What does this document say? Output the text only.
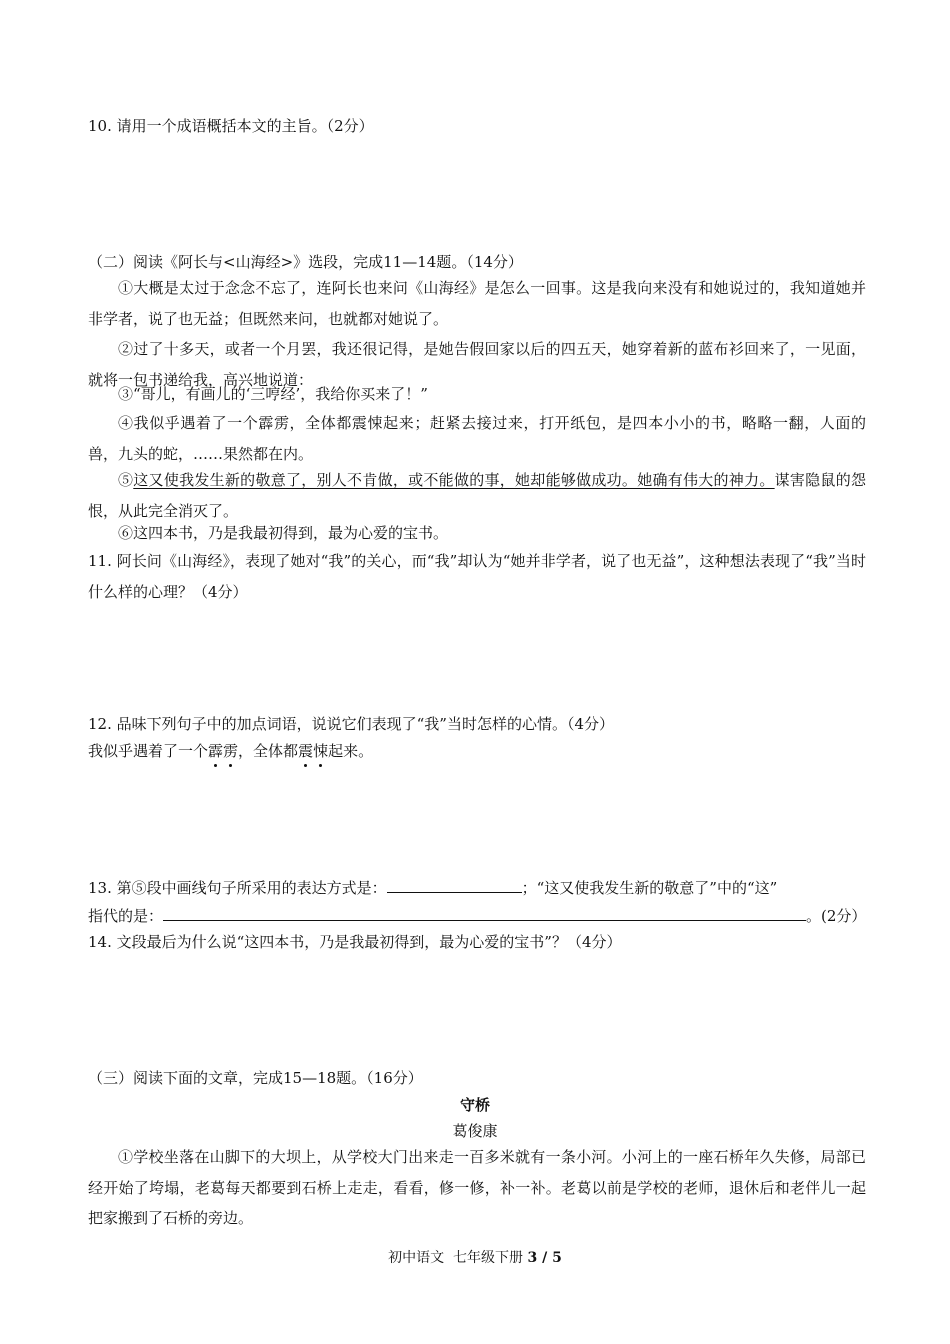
10. 请用一个成语概括本文的主旨。（2分）
（二）阅读《阿长与<山海经>》选段，完成11—14题。（14分）
①大概是太过于念念不忘了，连阿长也来问《山海经》是怎么一回事。这是我向来没有和她说过的，我知道她并非学者，说了也无益；但既然来问，也就都对她说了。
②过了十多天，或者一个月罢，我还很记得，是她告假回家以后的四五天，她穿着新的蓝布衫回来了，一见面，就将一包书递给我，高兴地说道：
③“哥儿，有画儿的‘三哼经’，我给你买来了！”
④我似乎遇着了一个霹雳，全体都震悚起来；赶紧去接过来，打开纸包，是四本小小的书，略略一翻，人面的兽，九头的蛇，……果然都在内。
⑤这又使我发生新的敬意了，别人不肯做，或不能做的事，她却能够做成功。她确有伟大的神力。谋害隐鼠的怨恨，从此完全消灭了。
⑥这四本书，乃是我最初得到，最为心爱的宝书。
11. 阿长问《山海经》，表现了她对“我”的关心，而“我”却认为“她并非学者，说了也无益”，这种想法表现了“我”当时什么样的心理？（4分）
12. 品味下列句子中的加点词语，说说它们表现了“我”当时怎样的心情。（4分）
我似乎遇着了一个霹雳，全体都震悚起来。
13. 第⑤段中画线句子所采用的表达方式是：	；“这又使我发生新的敬意了”中的“这”
指代的是：	。(2分）
14. 文段最后为什么说“这四本书，乃是我最初得到，最为心爱的宝书”？（4分）
（三）阅读下面的文章，完成15—18题。（16分）
守桥
葛俊康
①学校坐落在山脚下的大坝上，从学校大门出来走一百多米就有一条小河。小河上的一座石桥年久失修，局部已经开始了垮塌，老葛每天都要到石桥上走走，看看，修一修，补一补。老葛以前是学校的老师，退休后和老伴儿一起把家搬到了石桥的旁边。
初中语文  七年级下册 3 / 5
